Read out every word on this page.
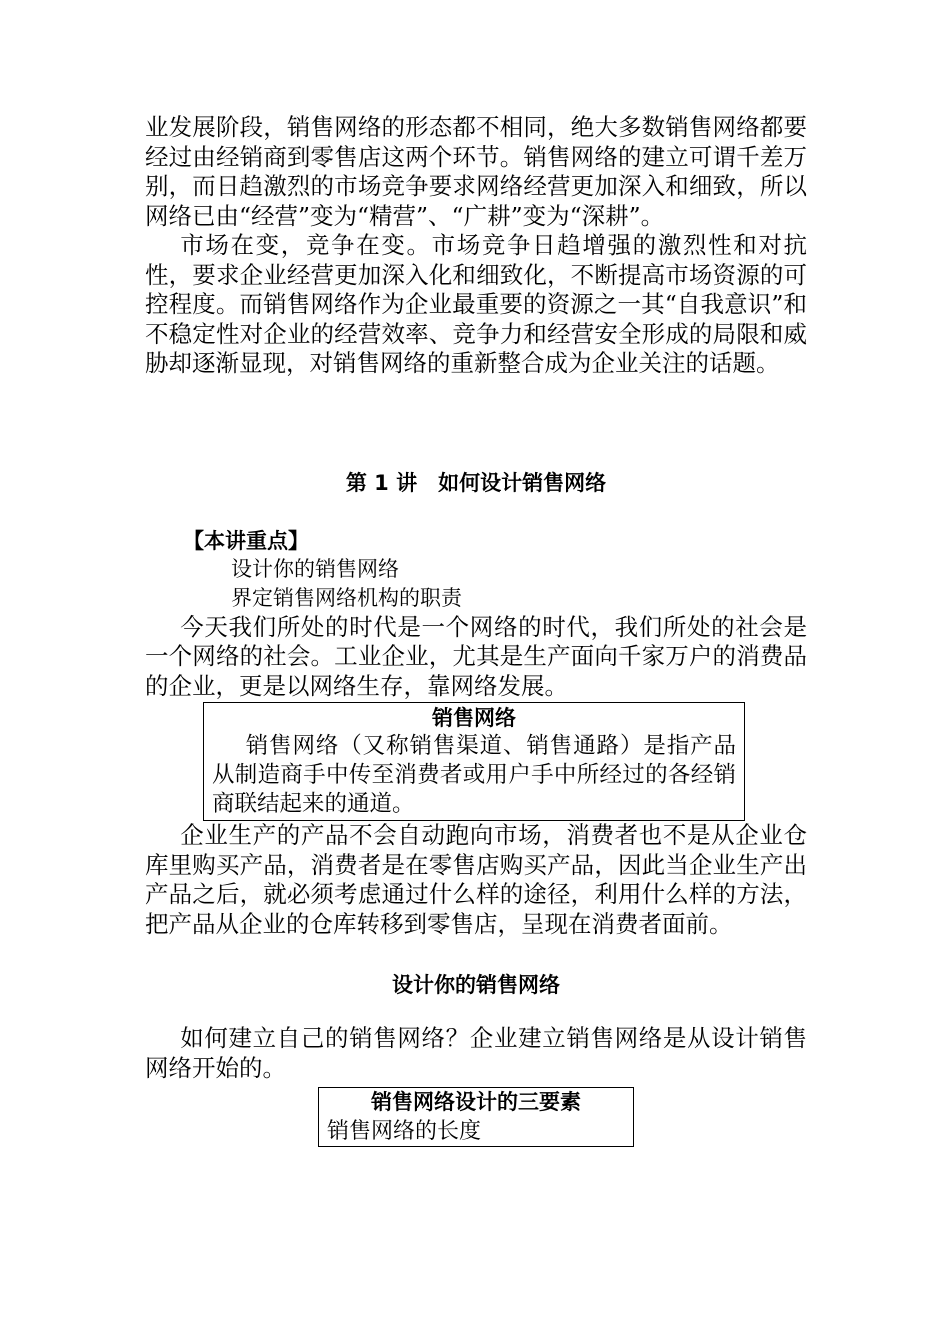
业发展阶段，销售网络的形态都不相同，绝大多数销售网络都要经过由经销商到零售店这两个环节。销售网络的建立可谓千差万别，而日趋激烈的市场竞争要求网络经营更加深入和细致，所以网络已由“经营”变为“精营”、“广耕”变为“深耕”。

市场在变，竞争在变。市场竞争日趋增强的激烈性和对抗性，要求企业经营更加深入化和细致化，不断提高市场资源的可控程度。而销售网络作为企业最重要的资源之一其“自我意识”和不稳定性对企业的经营效率、竞争力和经营安全形成的局限和威胁却逐渐显现，对销售网络的重新整合成为企业关注的话题。

第 1 讲　如何设计销售网络

【本讲重点】

设计你的销售网络

界定销售网络机构的职责

今天我们所处的时代是一个网络的时代，我们所处的社会是一个网络的社会。工业企业，尤其是生产面向千家万户的消费品的企业，更是以网络生存，靠网络发展。

销售网络

销售网络（又称销售渠道、销售通路）是指产品从制造商手中传至消费者或用户手中所经过的各经销商联结起来的通道。

企业生产的产品不会自动跑向市场，消费者也不是从企业仓库里购买产品，消费者是在零售店购买产品，因此当企业生产出产品之后，就必须考虑通过什么样的途径，利用什么样的方法，把产品从企业的仓库转移到零售店，呈现在消费者面前。

设计你的销售网络

如何建立自己的销售网络？企业建立销售网络是从设计销售网络开始的。

销售网络设计的三要素

销售网络的长度
